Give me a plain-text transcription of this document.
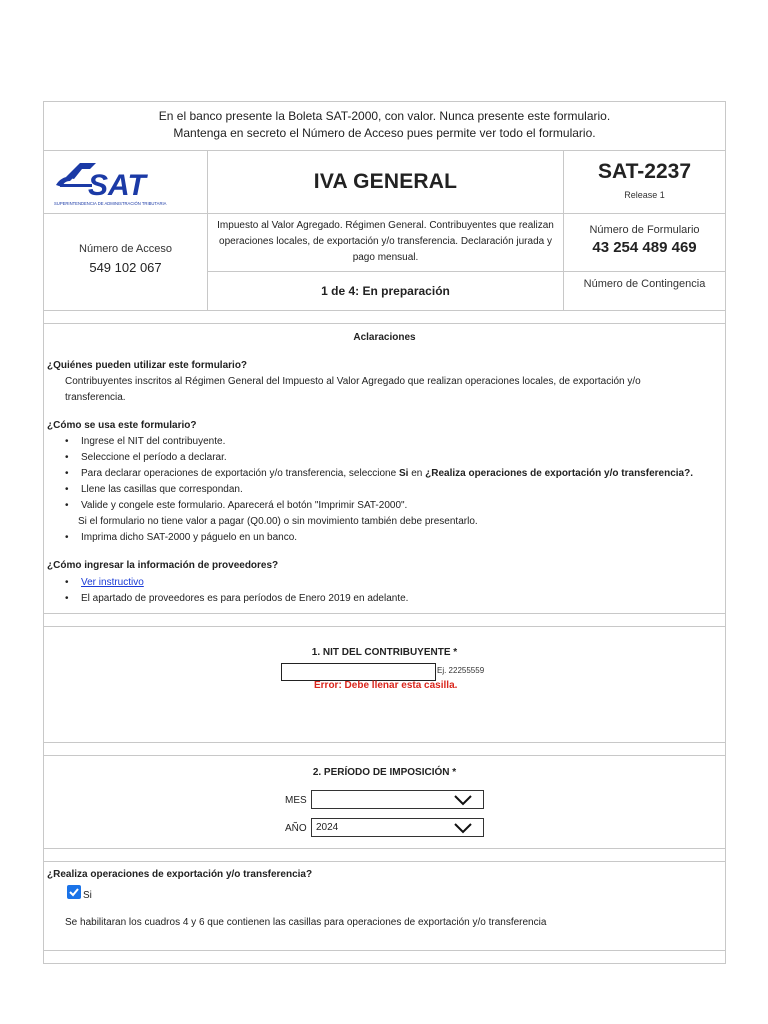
En el banco presente la Boleta SAT-2000, con valor. Nunca presente este formulario.
Mantenga en secreto el Número de Acceso pues permite ver todo el formulario.
SAT
SUPERINTENDENCIA DE ADMINISTRACIÓN TRIBUTARIA
IVA GENERAL	SAT-2237
Release 1
Número de Acceso
549 102 067
Impuesto al Valor Agregado. Régimen General. Contribuyentes que realizan operaciones locales, de exportación y/o transferencia. Declaración jurada y pago mensual.
Número de Formulario
43 254 489 469
1 de 4: En preparación	Número de Contingencia
Aclaraciones
¿Quiénes pueden utilizar este formulario?
Contribuyentes inscritos al Régimen General del Impuesto al Valor Agregado que realizan operaciones locales, de exportación y/o transferencia.
¿Cómo se usa este formulario?
• Ingrese el NIT del contribuyente.
• Seleccione el período a declarar.
• Para declarar operaciones de exportación y/o transferencia, seleccione Si en ¿Realiza operaciones de exportación y/o transferencia?.
• Llene las casillas que correspondan.
• Valide y congele este formulario. Aparecerá el botón "Imprimir SAT-2000".
Si el formulario no tiene valor a pagar (Q0.00) o sin movimiento también debe presentarlo.
• Imprima dicho SAT-2000 y páguelo en un banco.
¿Cómo ingresar la información de proveedores?
• Ver instructivo
• El apartado de proveedores es para períodos de Enero 2019 en adelante.
1. NIT DEL CONTRIBUYENTE *
Ej. 22255559
Error: Debe llenar esta casilla.
2. PERÍODO DE IMPOSICIÓN *
MES
AÑO 2024
¿Realiza operaciones de exportación y/o transferencia?
Si
Se habilitaran los cuadros 4 y 6 que contienen las casillas para operaciones de exportación y/o transferencia
